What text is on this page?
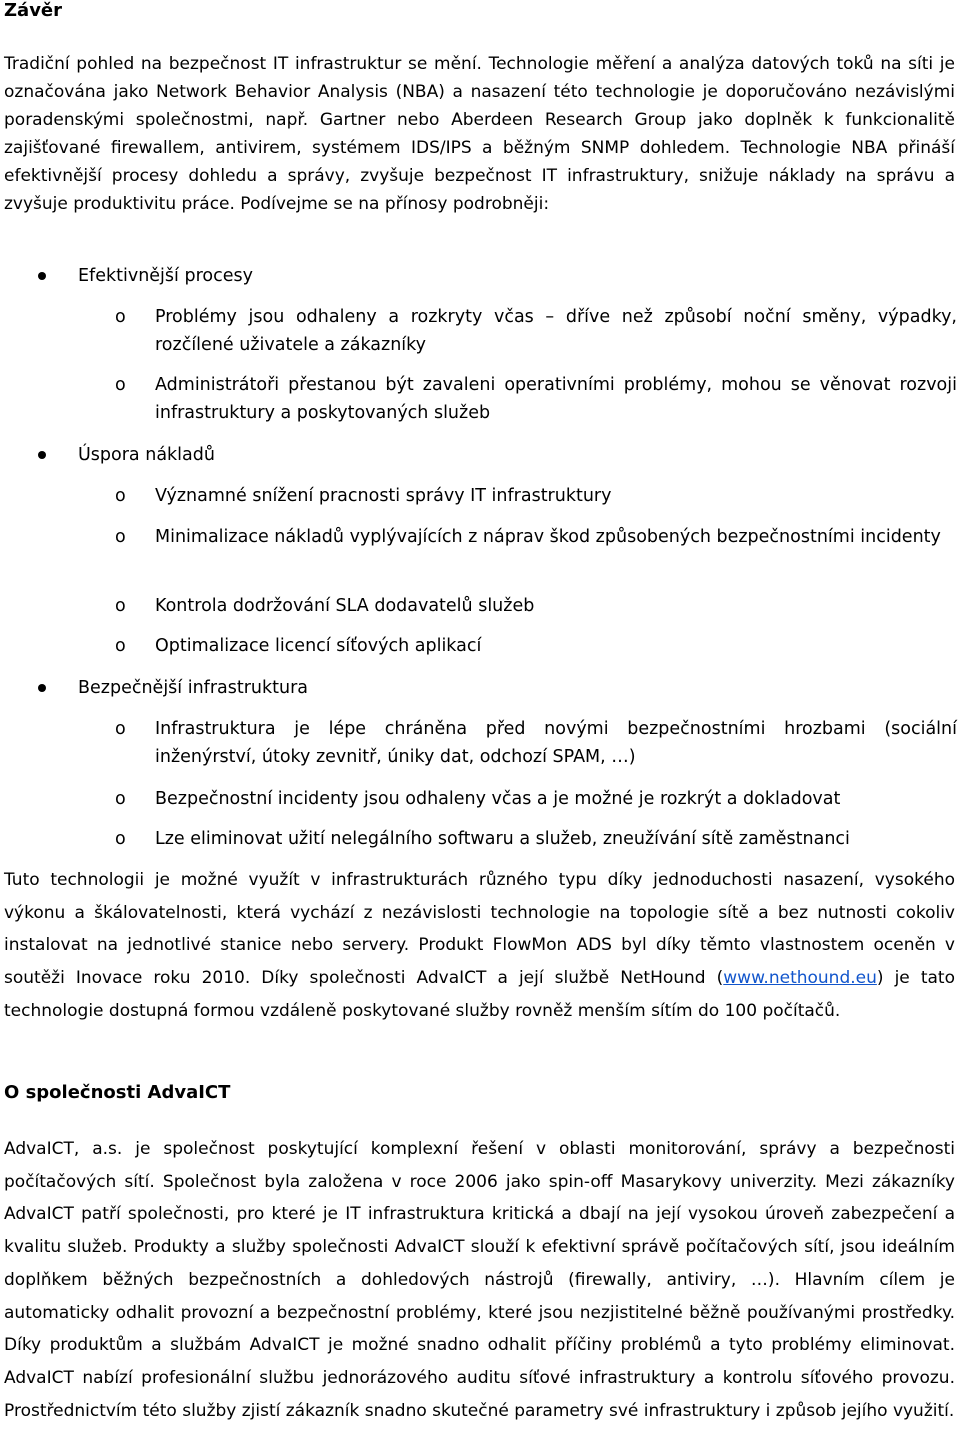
Závěr

Tradiční pohled na bezpečnost IT infrastruktur se mění. Technologie měření a analýza datových toků na síti je označována jako Network Behavior Analysis (NBA) a nasazení této technologie je doporučováno nezávislými poradenskými společnostmi, např. Gartner nebo Aberdeen Research Group jako doplněk k funkcionalitě zajišťované firewallem, antivirem, systémem IDS/IPS a běžným SNMP dohledem. Technologie NBA přináší efektivnější procesy dohledu a správy, zvyšuje bezpečnost IT infrastruktury, snižuje náklady na správu a zvyšuje produktivitu práce. Podívejme se na přínosy podrobněji:

Efektivnější procesy
o Problémy jsou odhaleny a rozkryty včas – dříve než způsobí noční směny, výpadky, rozčílené uživatele a zákazníky
o Administrátoři přestanou být zavaleni operativními problémy, mohou se věnovat rozvoji infrastruktury a poskytovaných služeb
Úspora nákladů
o Významné snížení pracnosti správy IT infrastruktury
o Minimalizace nákladů vyplývajících z náprav škod způsobených bezpečnostními incidenty
o Kontrola dodržování SLA dodavatelů služeb
o Optimalizace licencí síťových aplikací
Bezpečnější infrastruktura
o Infrastruktura je lépe chráněna před novými bezpečnostními hrozbami (sociální inženýrství, útoky zevnitř, úniky dat, odchozí SPAM, …)
o Bezpečnostní incidenty jsou odhaleny včas a je možné je rozkrýt a dokladovat
o Lze eliminovat užití nelegálního softwaru a služeb, zneužívání sítě zaměstnanci

Tuto technologii je možné využít v infrastrukturách různého typu díky jednoduchosti nasazení, vysokého výkonu a škálovatelnosti, která vychází z nezávislosti technologie na topologie sítě a bez nutnosti cokoliv instalovat na jednotlivé stanice nebo servery. Produkt FlowMon ADS byl díky těmto vlastnostem oceněn v soutěži Inovace roku 2010. Díky společnosti AdvaICT a její službě NetHound (www.nethound.eu) je tato technologie dostupná formou vzdáleně poskytované služby rovněž menším sítím do 100 počítačů.

O společnosti AdvaICT

AdvaICT, a.s. je společnost poskytující komplexní řešení v oblasti monitorování, správy a bezpečnosti počítačových sítí. Společnost byla založena v roce 2006 jako spin-off Masarykovy univerzity. Mezi zákazníky AdvaICT patří společnosti, pro které je IT infrastruktura kritická a dbají na její vysokou úroveň zabezpečení a kvalitu služeb. Produkty a služby společnosti AdvaICT slouží k efektivní správě počítačových sítí, jsou ideálním doplňkem běžných bezpečnostních a dohledových nástrojů (firewally, antiviry, …). Hlavním cílem je automaticky odhalit provozní a bezpečnostní problémy, které jsou nezjistitelné běžně používanými prostředky. Díky produktům a službám AdvaICT je možné snadno odhalit příčiny problémů a tyto problémy eliminovat. AdvaICT nabízí profesionální službu jednorázového auditu síťové infrastruktury a kontrolu síťového provozu. Prostřednictvím této služby zjistí zákazník snadno skutečné parametry své infrastruktury i způsob jejího využití.
